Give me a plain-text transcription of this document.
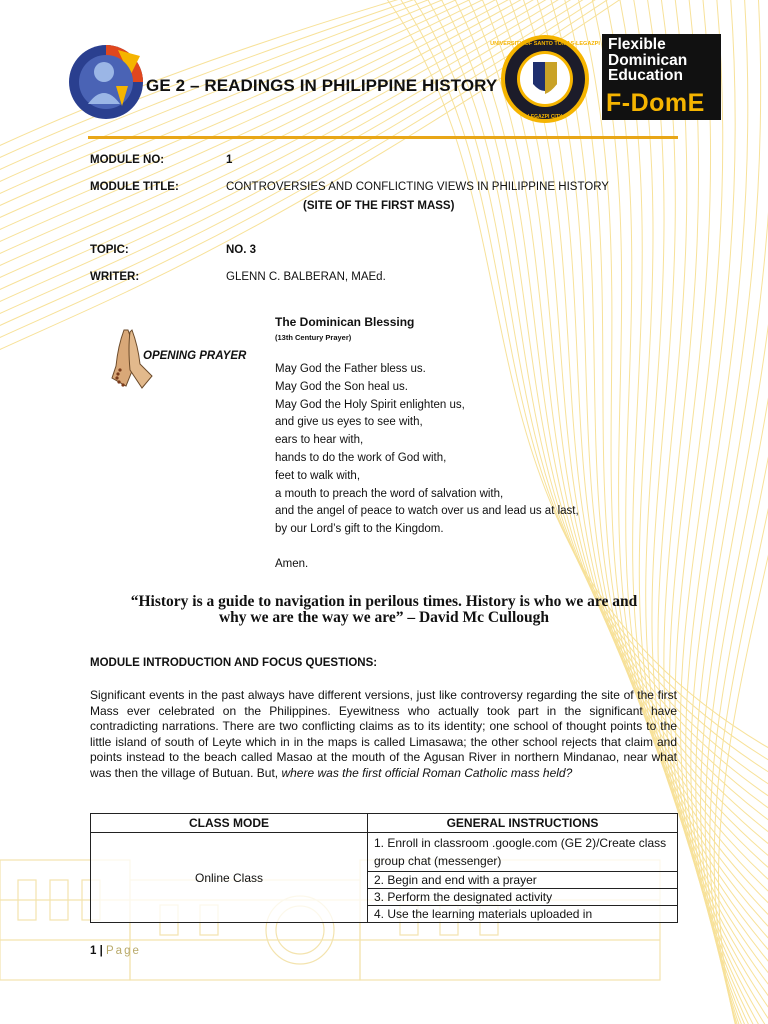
GE 2 – READINGS IN PHILIPPINE HISTORY
UNIVERSITY OF SANTO TOMAS-LEGAZPI
LEGAZPI CITY
Flexible
Dominican
Education
F-DomE
MODULE NO:	1
MODULE TITLE:	CONTROVERSIES AND CONFLICTING VIEWS IN PHILIPPINE HISTORY
(SITE OF THE FIRST MASS)
TOPIC:	NO. 3
WRITER:	GLENN C. BALBERAN, MAEd.
OPENING PRAYER
The Dominican Blessing
(13th Century Prayer)
May God the Father bless us.
May God the Son heal us.
May God the Holy Spirit enlighten us,
and give us eyes to see with,
ears to hear with,
hands to do the work of God with,
feet to walk with,
a mouth to preach the word of salvation with,
and the angel of peace to watch over us and lead us at last,
by our Lord’s gift to the Kingdom.
Amen.
“History is a guide to navigation in perilous times. History is who we are and
why we are the way we are” – David Mc Cullough
MODULE INTRODUCTION AND FOCUS QUESTIONS:
Significant events in the past always have different versions, just like controversy regarding the site of the first Mass ever celebrated on the Philippines. Eyewitness who actually took part in the significant have contradicting narrations. There are two conflicting claims as to its identity; one school of thought points to the little island of south of Leyte which in in the maps is called Limasawa; the other school rejects that claim and points instead to the beach called Masao at the mouth of the Agusan River in northern Mindanao, near what was then the village of Butuan. But, where was the first official Roman Catholic mass held?
CLASS MODE	GENERAL INSTRUCTIONS
Online Class	1. Enroll in classroom .google.com (GE 2)/Create class group chat (messenger)
	2. Begin and end with a prayer
	3. Perform the designated activity
	4. Use the learning materials uploaded in
1 | Page
